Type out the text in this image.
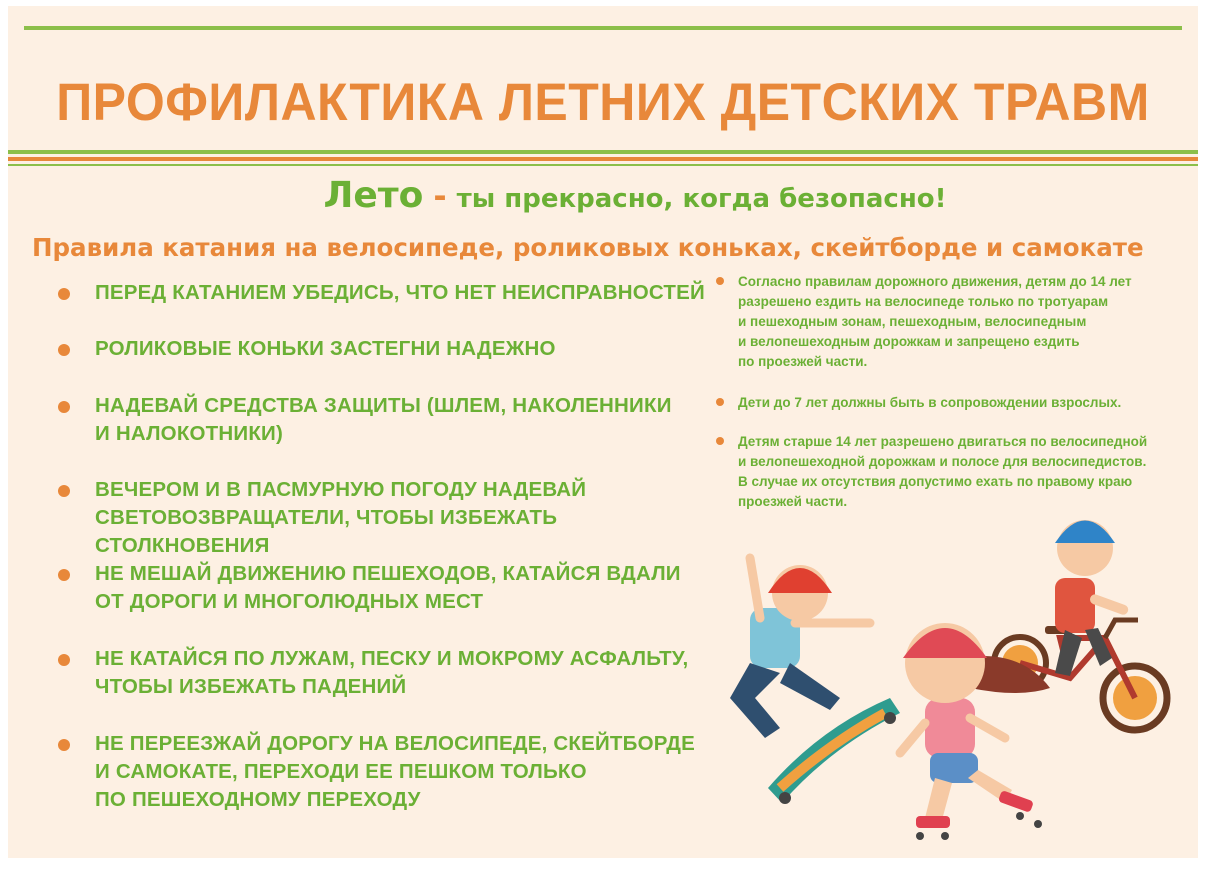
ПРОФИЛАКТИКА ЛЕТНИХ ДЕТСКИХ ТРАВМ
Лето - ты прекрасно, когда безопасно!
Правила катания на велосипеде, роликовых коньках, скейтборде и самокате
ПЕРЕД КАТАНИЕМ УБЕДИСЬ, ЧТО НЕТ НЕИСПРАВНОСТЕЙ
РОЛИКОВЫЕ КОНЬКИ ЗАСТЕГНИ НАДЕЖНО
НАДЕВАЙ СРЕДСТВА ЗАЩИТЫ (ШЛЕМ, НАКОЛЕННИКИ
И НАЛОКОТНИКИ)
ВЕЧЕРОМ И В ПАСМУРНУЮ ПОГОДУ НАДЕВАЙ
СВЕТОВОЗВРАЩАТЕЛИ, ЧТОБЫ ИЗБЕЖАТЬ СТОЛКНОВЕНИЯ
НЕ МЕШАЙ ДВИЖЕНИЮ ПЕШЕХОДОВ, КАТАЙСЯ ВДАЛИ
ОТ ДОРОГИ И МНОГОЛЮДНЫХ МЕСТ
НЕ КАТАЙСЯ ПО ЛУЖАМ, ПЕСКУ И МОКРОМУ АСФАЛЬТУ,
ЧТОБЫ ИЗБЕЖАТЬ ПАДЕНИЙ
НЕ ПЕРЕЕЗЖАЙ ДОРОГУ НА ВЕЛОСИПЕДЕ, СКЕЙТБОРДЕ
И САМОКАТЕ, ПЕРЕХОДИ ЕЕ ПЕШКОМ ТОЛЬКО
ПО ПЕШЕХОДНОМУ ПЕРЕХОДУ
Согласно правилам дорожного движения, детям до 14 лет
разрешено ездить на велосипеде только по тротуарам
и пешеходным зонам, пешеходным, велосипедным
и велопешеходным дорожкам и запрещено ездить
по проезжей части.
Дети до 7 лет должны быть в сопровождении взрослых.
Детям старше 14 лет разрешено двигаться по велосипедной
и велопешеходной дорожкам и полосе для велосипедистов.
В случае их отсутствия допустимо ехать по правому краю
проезжей части.
